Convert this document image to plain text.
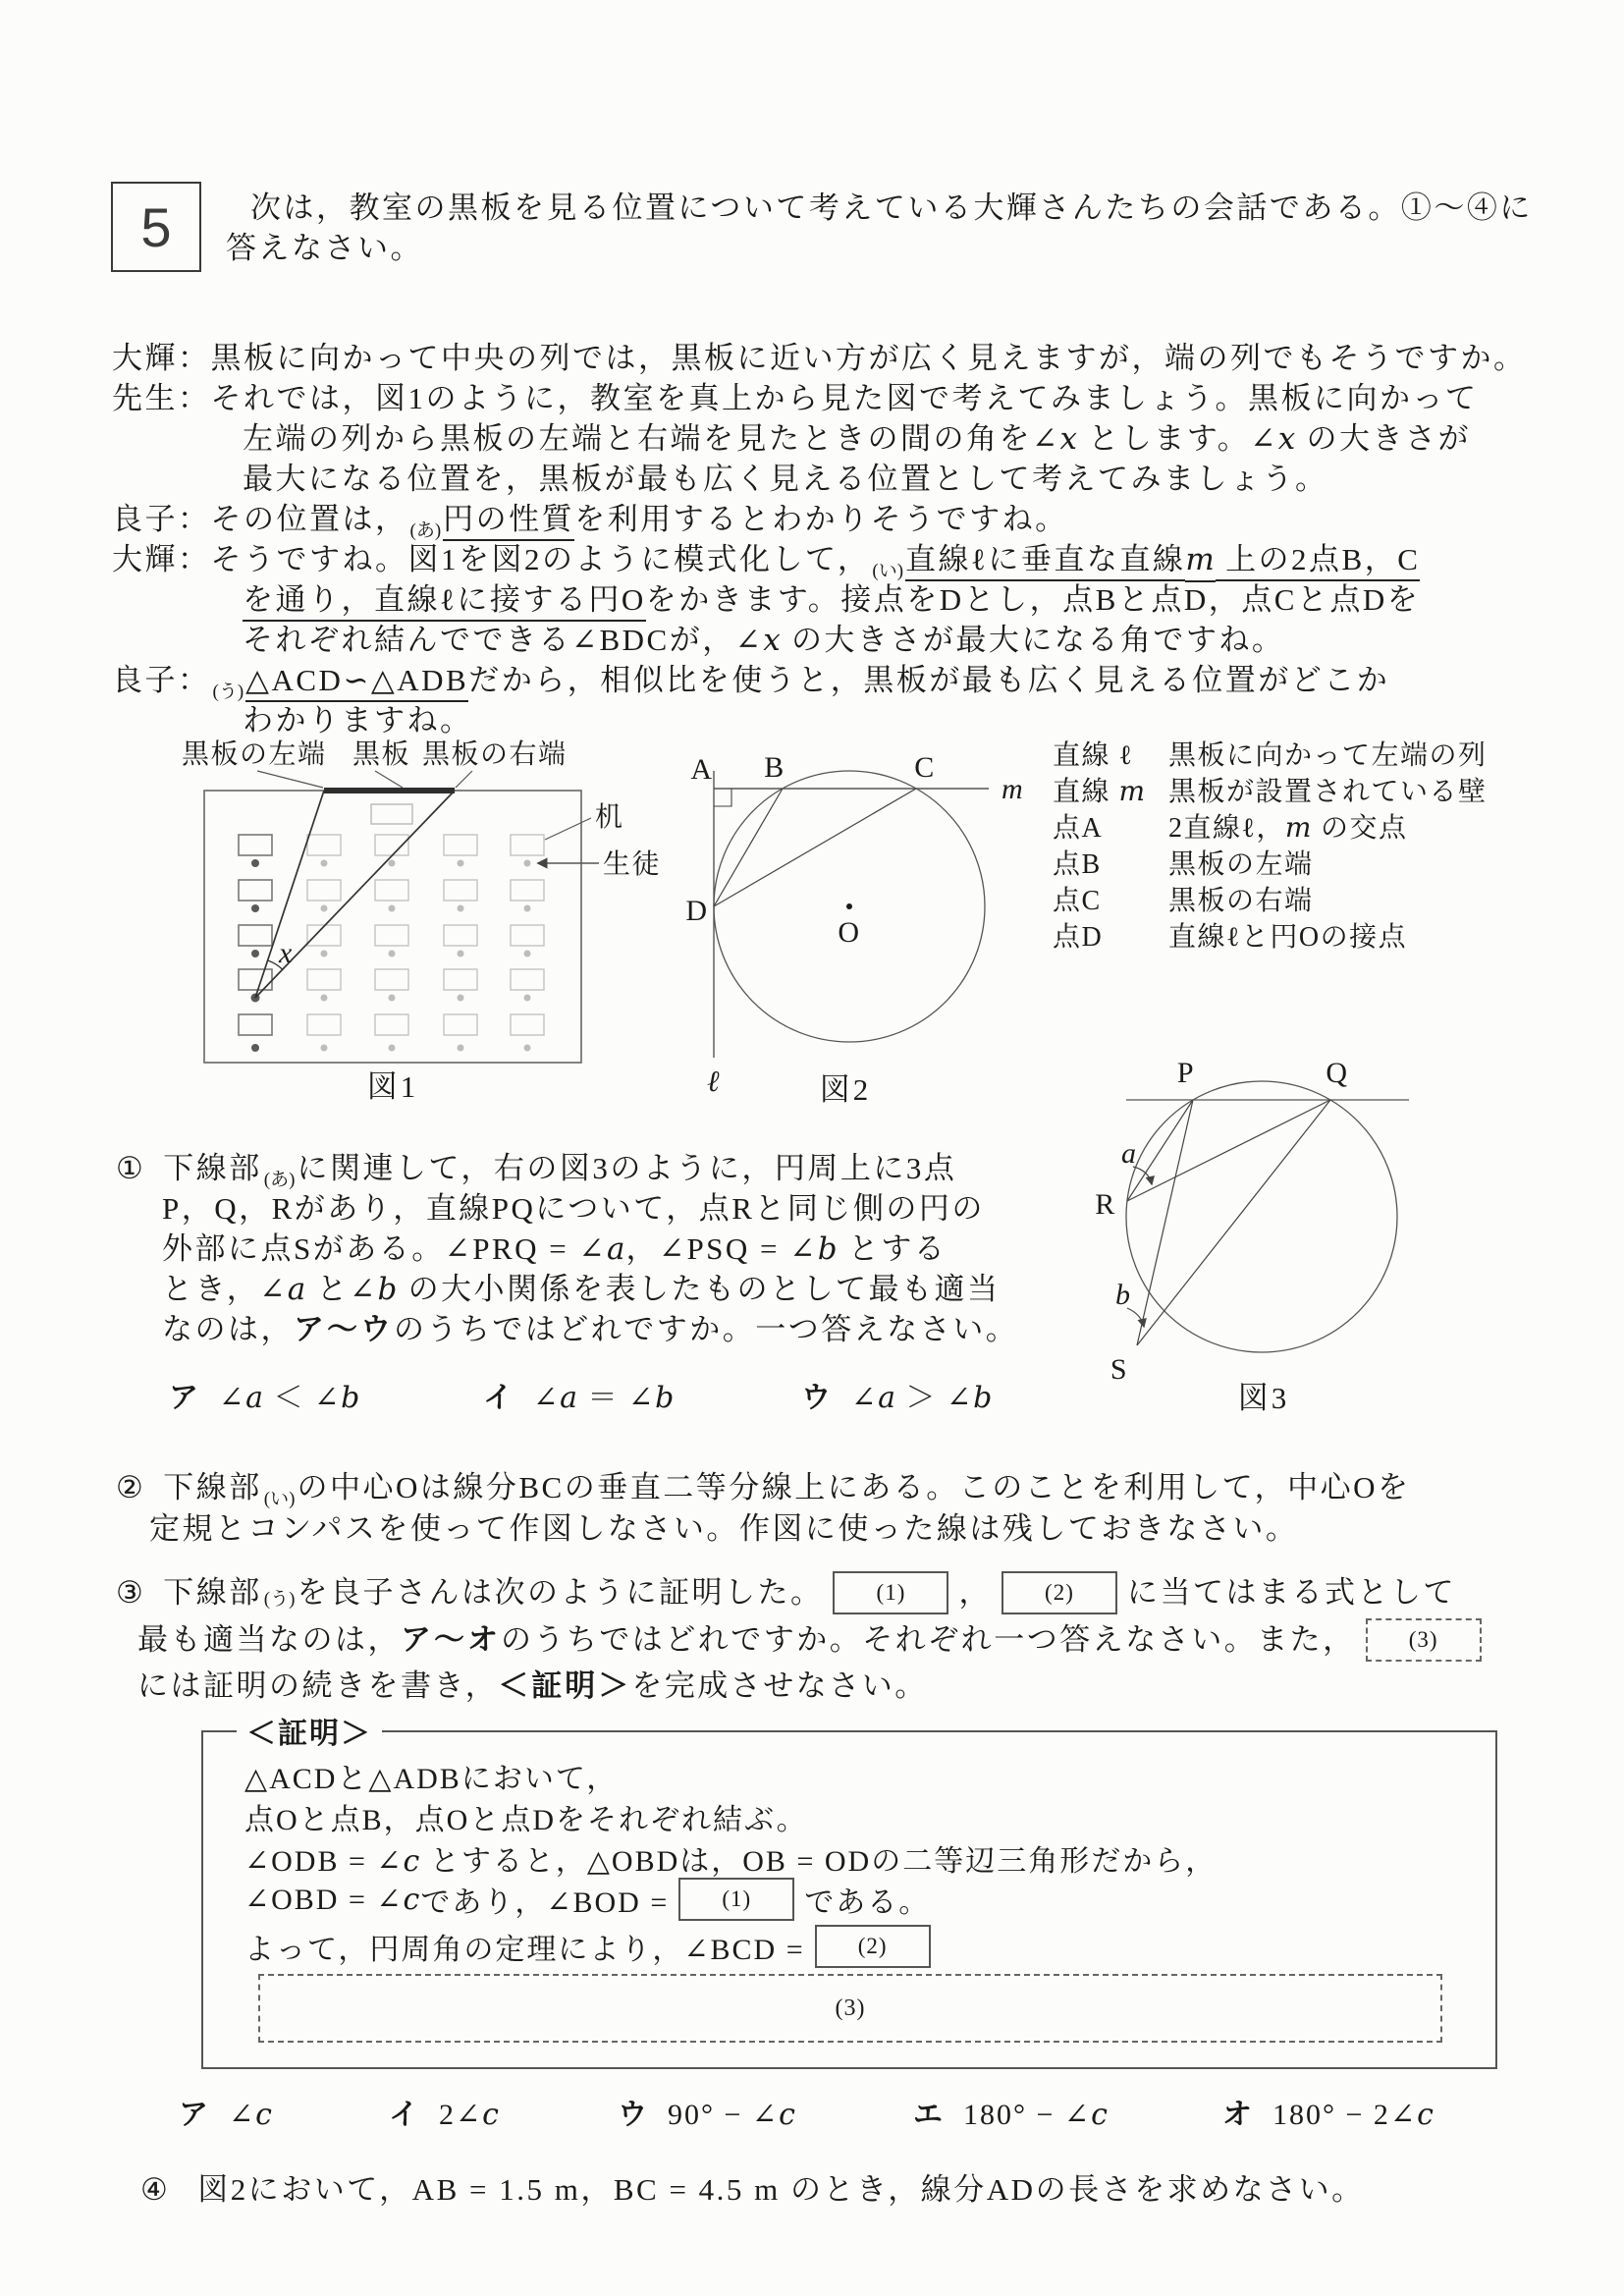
5	次は，教室の黒板を見る位置について考えている大輝さんたちの会話である。①～④に
答えなさい。
大輝：黒板に向かって中央の列では，黒板に近い方が広く見えますが，端の列でもそうですか。
先生：それでは，図1のように，教室を真上から見た図で考えてみましょう。黒板に向かって
左端の列から黒板の左端と右端を見たときの間の角を∠x とします。∠x の大きさが
最大になる位置を，黒板が最も広く見える位置として考えてみましょう。
良子：その位置は， $_{(あ)}$円の性質を利用するとわかりそうですね。
大輝：そうですね。図1を図2のように模式化して， $_{(い)}$直線ℓに垂直な直線m 上の2点B，C
を通り，直線ℓに接する円Oをかきます。接点をDとし，点Bと点D，点Cと点Dを
それぞれ結んでできる∠BDCが，∠x の大きさが最大になる角ですね。
良子： $_{(う)}$△ACD∽△ADBだから，相似比を使うと，黒板が最も広く見える位置がどこか
わかりますね。
黒板の左端 黒板 黒板の右端
x
机
生徒
図1
A B	C
D
O
m
ℓ	図2
直線 ℓ	黒板に向かって左端の列
直線 m 黒板が設置されている壁
点A	2直線ℓ，m の交点
点B	黒板の左端
点C	黒板の右端
点D	直線ℓと円Oの接点
① 下線部 $_{(あ)}$に関連して，右の図3のように，円周上に3点
P，Q，Rがあり，直線PQについて，点Rと同じ側の円の
外部に点Sがある。∠PRQ = ∠a，∠PSQ = ∠b とする
とき，∠a と∠b の大小関係を表したものとして最も適当
なのは，ア～ウのうちではどれですか。一つ答えなさい。
ア ∠a ＜ ∠b	イ ∠a ＝ ∠b	ウ ∠a ＞ ∠b
P	Q
R
S
a
b
図3
② 下線部 $_{(い)}$の中心Oは線分BCの垂直二等分線上にある。このことを利用して，中心Oを
定規とコンパスを使って作図しなさい。作図に使った線は残しておきなさい。
③ 下線部 (う) を良子さんは次のように証明した。	(1)	，	(2)	に当てはまる式として
最も適当なのは， ア～オ のうちではどれですか。それぞれ一つ答えなさい。また，	(3)
には証明の続きを書き，＜証明＞を完成させなさい。
＜証明＞
△ACDと△ADBにおいて，
点Oと点B，点Oと点Dをそれぞれ結ぶ。
∠ODB = ∠c とすると，△OBDは，OB = ODの二等辺三角形だから，
∠OBD = ∠ c であり，∠BOD =	(1)	である。
よって，円周角の定理により，∠BCD =	(2)
(3)
ア ∠c	イ 2∠c	ウ 90° − ∠c	エ 180° − ∠c	オ 180° − 2∠c
④ 図2において，AB = 1.5 m，BC = 4.5 m のとき，線分ADの長さを求めなさい。
